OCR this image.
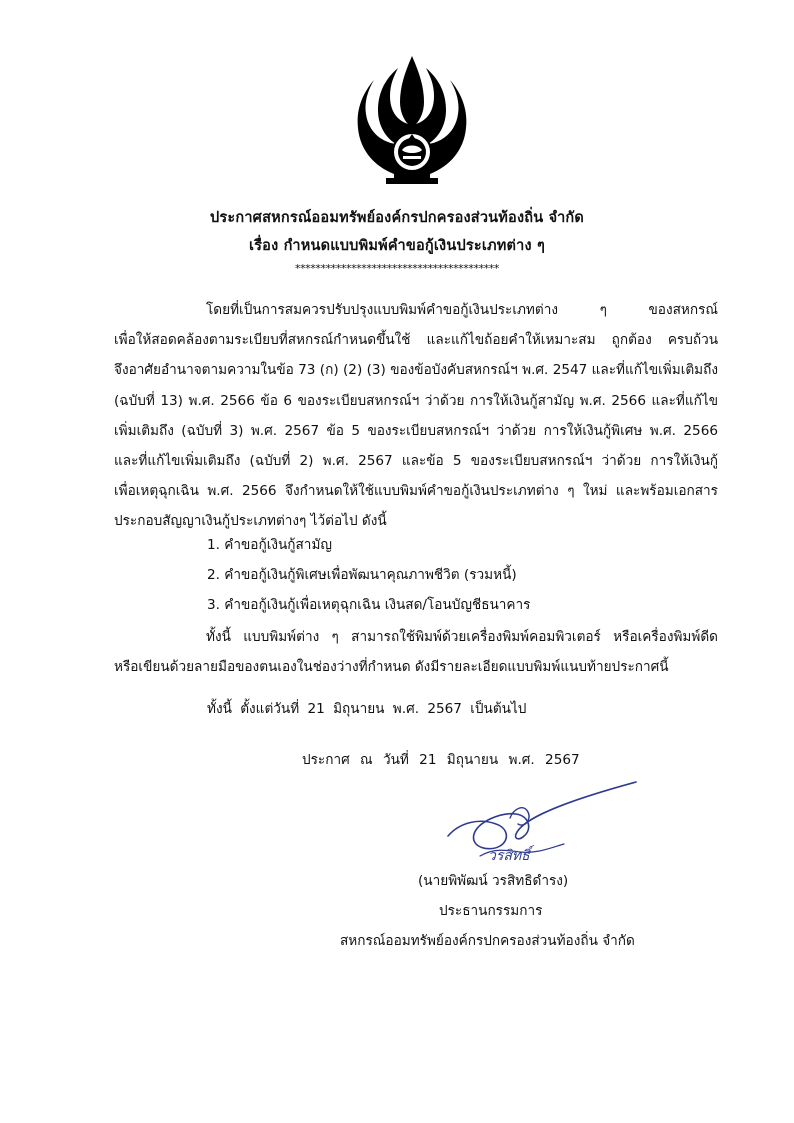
ประกาศสหกรณ์ออมทรัพย์องค์กรปกครองส่วนท้องถิ่น จำกัด
เรื่อง กำหนดแบบพิมพ์คำขอกู้เงินประเภทต่าง ๆ
****************************************
โดยที่เป็นการสมควรปรับปรุงแบบพิมพ์คำขอกู้เงินประเภทต่าง ๆ ของสหกรณ์
เพื่อให้สอดคล้องตามระเบียบที่สหกรณ์กำหนดขึ้นใช้ และแก้ไขถ้อยคำให้เหมาะสม ถูกต้อง ครบถ้วน
จึงอาศัยอำนาจตามความในข้อ 73 (ก) (2) (3) ของข้อบังคับสหกรณ์ฯ พ.ศ. 2547 และที่แก้ไขเพิ่มเติมถึง
(ฉบับที่ 13) พ.ศ. 2566 ข้อ 6 ของระเบียบสหกรณ์ฯ ว่าด้วย การให้เงินกู้สามัญ พ.ศ. 2566 และที่แก้ไข
เพิ่มเติมถึง (ฉบับที่ 3) พ.ศ. 2567 ข้อ 5 ของระเบียบสหกรณ์ฯ ว่าด้วย การให้เงินกู้พิเศษ พ.ศ. 2566
และที่แก้ไขเพิ่มเติมถึง (ฉบับที่ 2) พ.ศ. 2567 และข้อ 5 ของระเบียบสหกรณ์ฯ ว่าด้วย การให้เงินกู้
เพื่อเหตุฉุกเฉิน พ.ศ. 2566 จึงกำหนดให้ใช้แบบพิมพ์คำขอกู้เงินประเภทต่าง ๆ ใหม่ และพร้อมเอกสาร
ประกอบสัญญาเงินกู้ประเภทต่างๆ ไว้ต่อไป ดังนี้
1. คำขอกู้เงินกู้สามัญ
2. คำขอกู้เงินกู้พิเศษเพื่อพัฒนาคุณภาพชีวิต (รวมหนี้)
3. คำขอกู้เงินกู้เพื่อเหตุฉุกเฉิน เงินสด/โอนบัญชีธนาคาร
ทั้งนี้ แบบพิมพ์ต่าง ๆ สามารถใช้พิมพ์ด้วยเครื่องพิมพ์คอมพิวเตอร์ หรือเครื่องพิมพ์ดีด
หรือเขียนด้วยลายมือของตนเองในช่องว่างที่กำหนด ดังมีรายละเอียดแบบพิมพ์แนบท้ายประกาศนี้
ทั้งนี้ ตั้งแต่วันที่ 21 มิถุนายน พ.ศ. 2567 เป็นต้นไป
ประกาศ ณ วันที่ 21 มิถุนายน พ.ศ. 2567
วรสิทธิ์
(นายพิพัฒน์ วรสิทธิดำรง)
ประธานกรรมการ
สหกรณ์ออมทรัพย์องค์กรปกครองส่วนท้องถิ่น จำกัด
